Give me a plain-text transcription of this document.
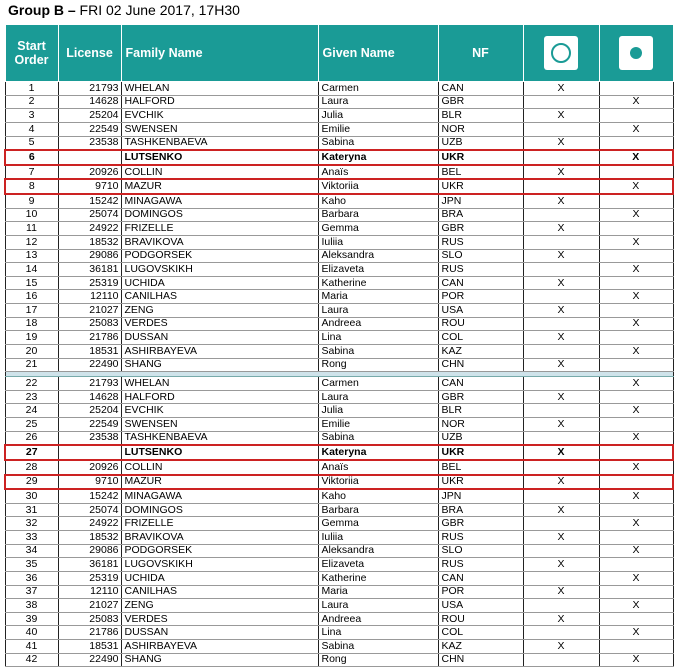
Group B – FRI 02 June 2017, 17H30
Start Order	License	Family Name	Given Name	NF	

1	21793	WHELAN	Carmen	CAN	X	
2	14628	HALFORD	Laura	GBR		X
3	25204	EVCHIK	Julia	BLR	X	
4	22549	SWENSEN	Emilie	NOR		X
5	23538	TASHKENBAEVA	Sabina	UZB	X	
6		LUTSENKO	Kateryna	UKR		X
7	20926	COLLIN	Anaïs	BEL	X	
8	9710	MAZUR	Viktoriia	UKR		X
9	15242	MINAGAWA	Kaho	JPN	X	
10	25074	DOMINGOS	Barbara	BRA		X
11	24922	FRIZELLE	Gemma	GBR	X	
12	18532	BRAVIKOVA	Iuliia	RUS		X
13	29086	PODGORSEK	Aleksandra	SLO	X	
14	36181	LUGOVSKIKH	Elizaveta	RUS		X
15	25319	UCHIDA	Katherine	CAN	X	
16	12110	CANILHAS	Maria	POR		X
17	21027	ZENG	Laura	USA	X	
18	25083	VERDES	Andreea	ROU		X
19	21786	DUSSAN	Lina	COL	X	
20	18531	ASHIRBAYEVA	Sabina	KAZ		X
21	22490	SHANG	Rong	CHN	X	

22	21793	WHELAN	Carmen	CAN		X
23	14628	HALFORD	Laura	GBR	X	
24	25204	EVCHIK	Julia	BLR		X
25	22549	SWENSEN	Emilie	NOR	X	
26	23538	TASHKENBAEVA	Sabina	UZB		X
27		LUTSENKO	Kateryna	UKR	X	
28	20926	COLLIN	Anaïs	BEL		X
29	9710	MAZUR	Viktoriia	UKR	X	
30	15242	MINAGAWA	Kaho	JPN		X
31	25074	DOMINGOS	Barbara	BRA	X	
32	24922	FRIZELLE	Gemma	GBR		X
33	18532	BRAVIKOVA	Iuliia	RUS	X	
34	29086	PODGORSEK	Aleksandra	SLO		X
35	36181	LUGOVSKIKH	Elizaveta	RUS	X	
36	25319	UCHIDA	Katherine	CAN		X
37	12110	CANILHAS	Maria	POR	X	
38	21027	ZENG	Laura	USA		X
39	25083	VERDES	Andreea	ROU	X	
40	21786	DUSSAN	Lina	COL		X
41	18531	ASHIRBAYEVA	Sabina	KAZ	X	
42	22490	SHANG	Rong	CHN		X
